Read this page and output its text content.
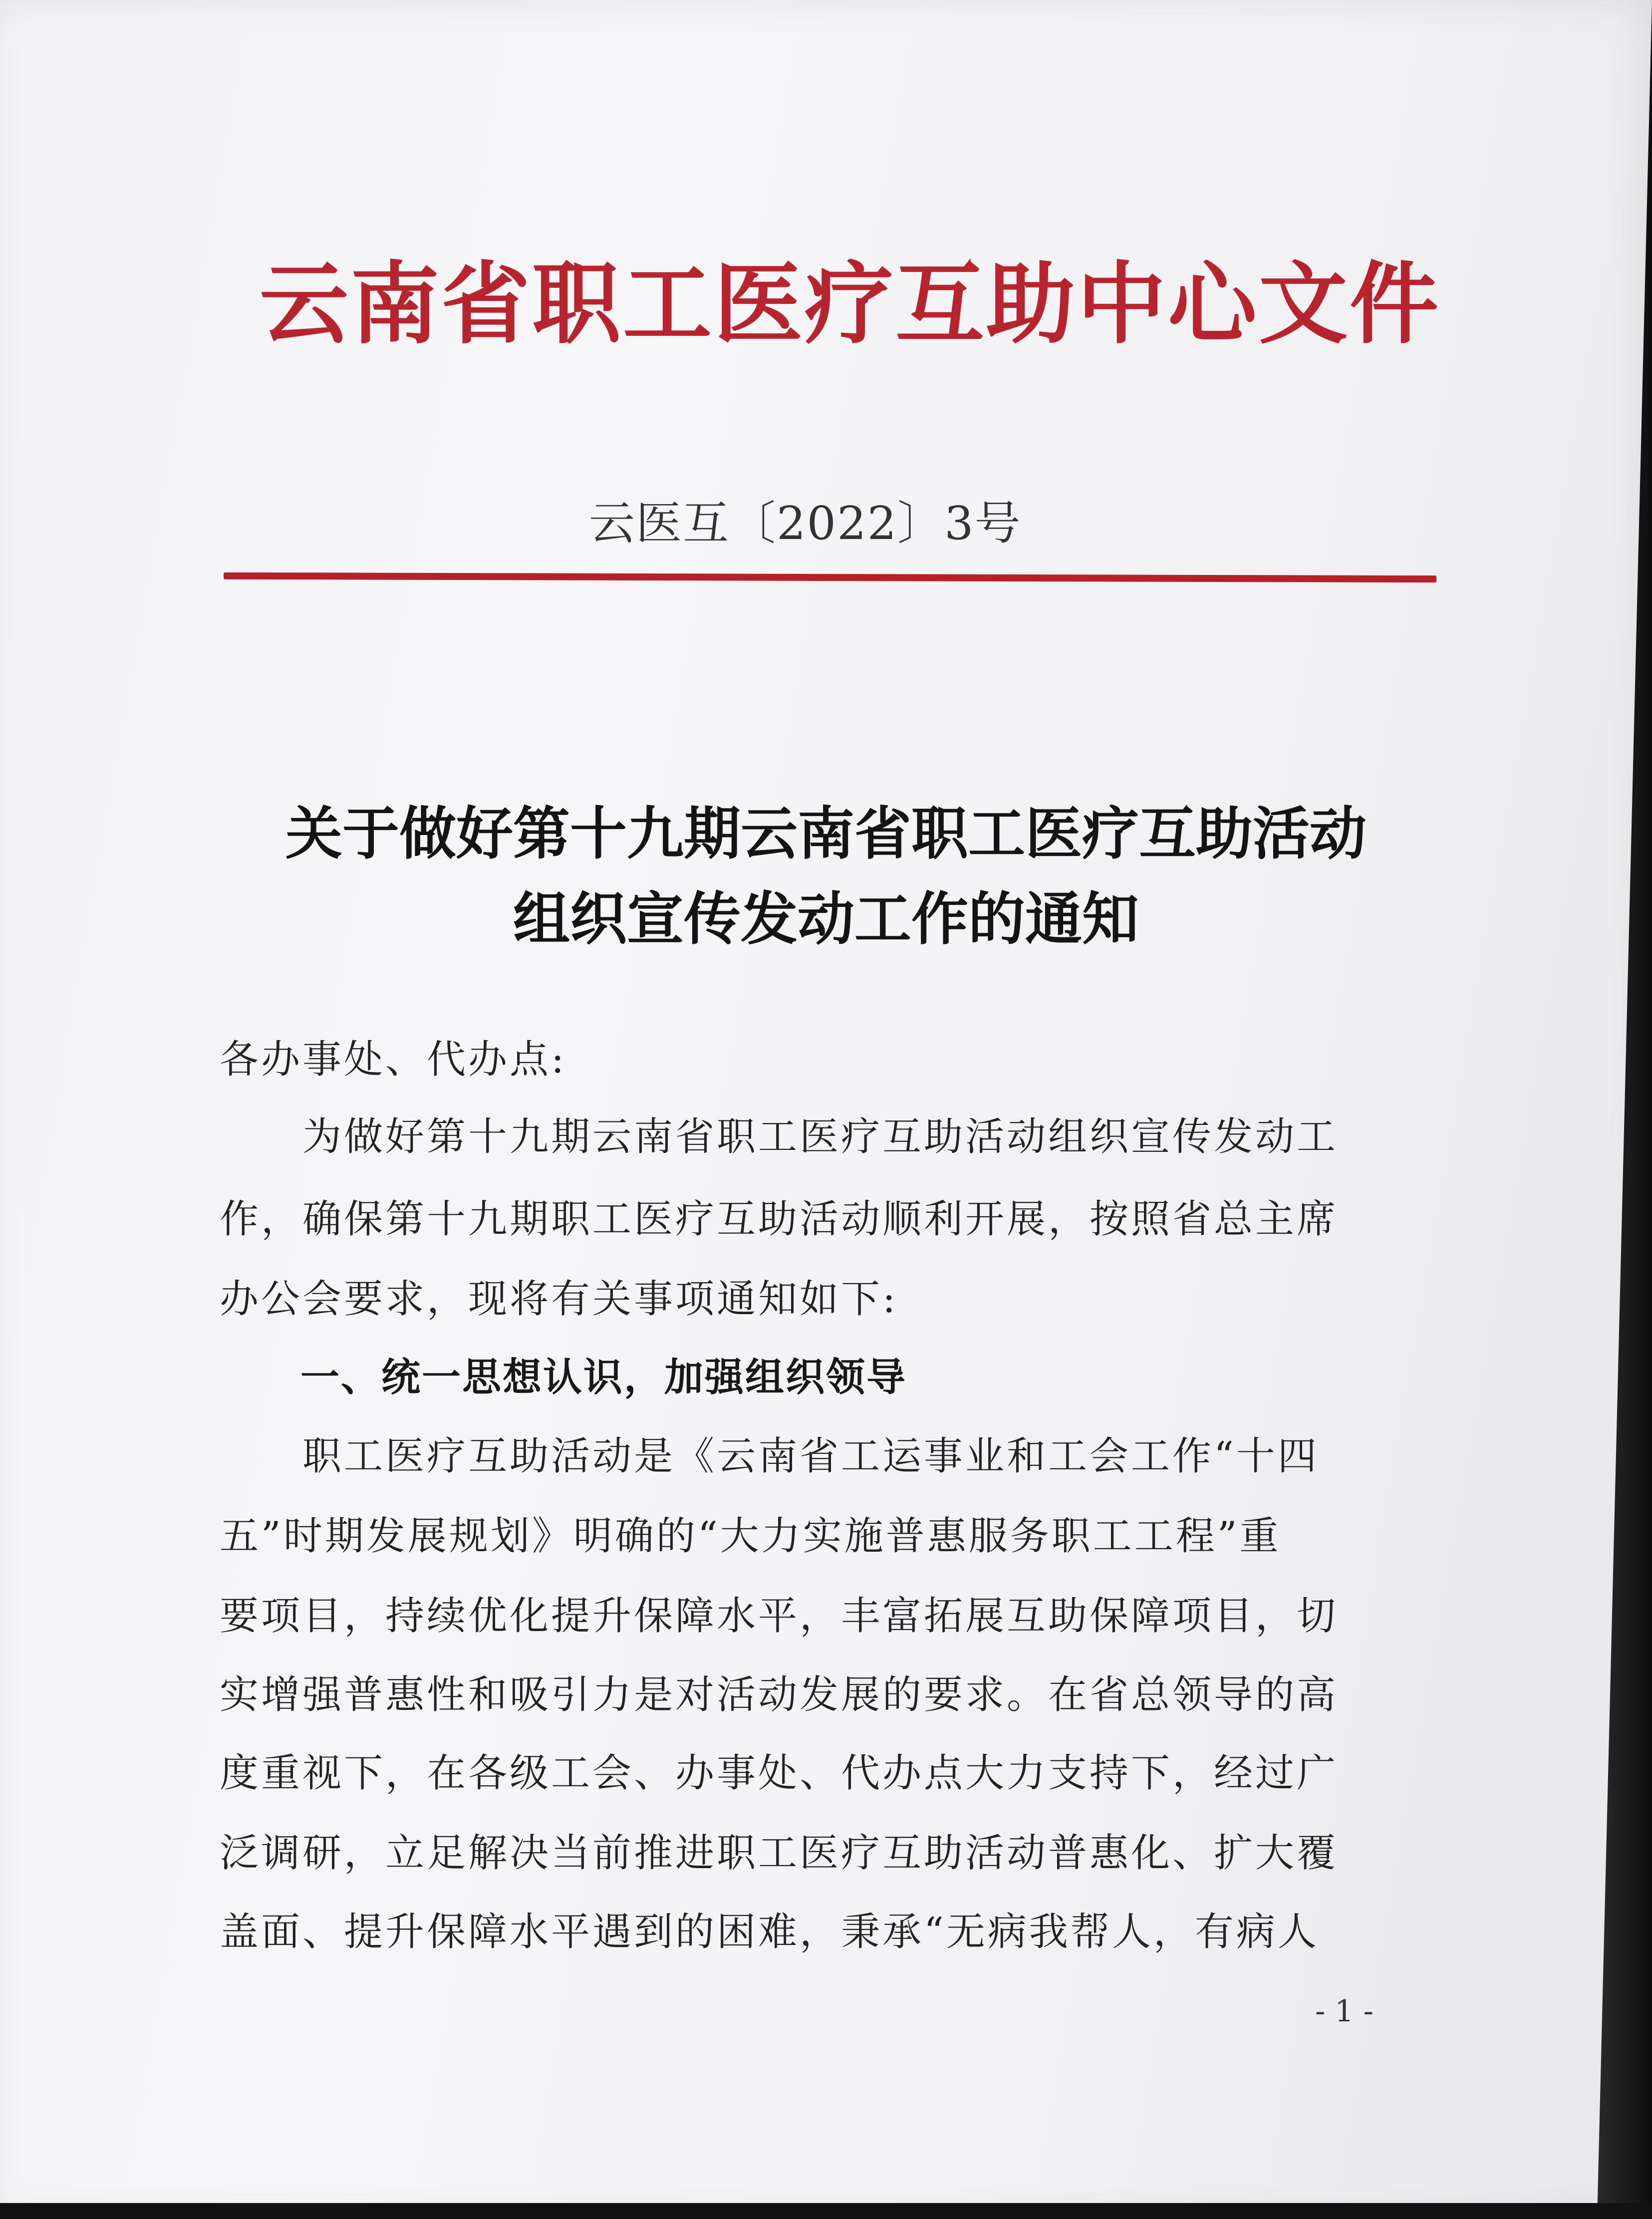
云南省职工医疗互助中心文件
云医互〔2022〕3号
关于做好第十九期云南省职工医疗互助活动
组织宣传发动工作的通知
各办事处、代办点:
　　为做好第十九期云南省职工医疗互助活动组织宣传发动工
作，确保第十九期职工医疗互助活动顺利开展，按照省总主席
办公会要求，现将有关事项通知如下:
　　一、统一思想认识，加强组织领导
　　职工医疗互助活动是《云南省工运事业和工会工作“十四
五”时期发展规划》明确的“大力实施普惠服务职工工程”重
要项目，持续优化提升保障水平，丰富拓展互助保障项目，切
实增强普惠性和吸引力是对活动发展的要求。在省总领导的高
度重视下，在各级工会、办事处、代办点大力支持下，经过广
泛调研，立足解决当前推进职工医疗互助活动普惠化、扩大覆
盖面、提升保障水平遇到的困难，秉承“无病我帮人，有病人
- 1 -
